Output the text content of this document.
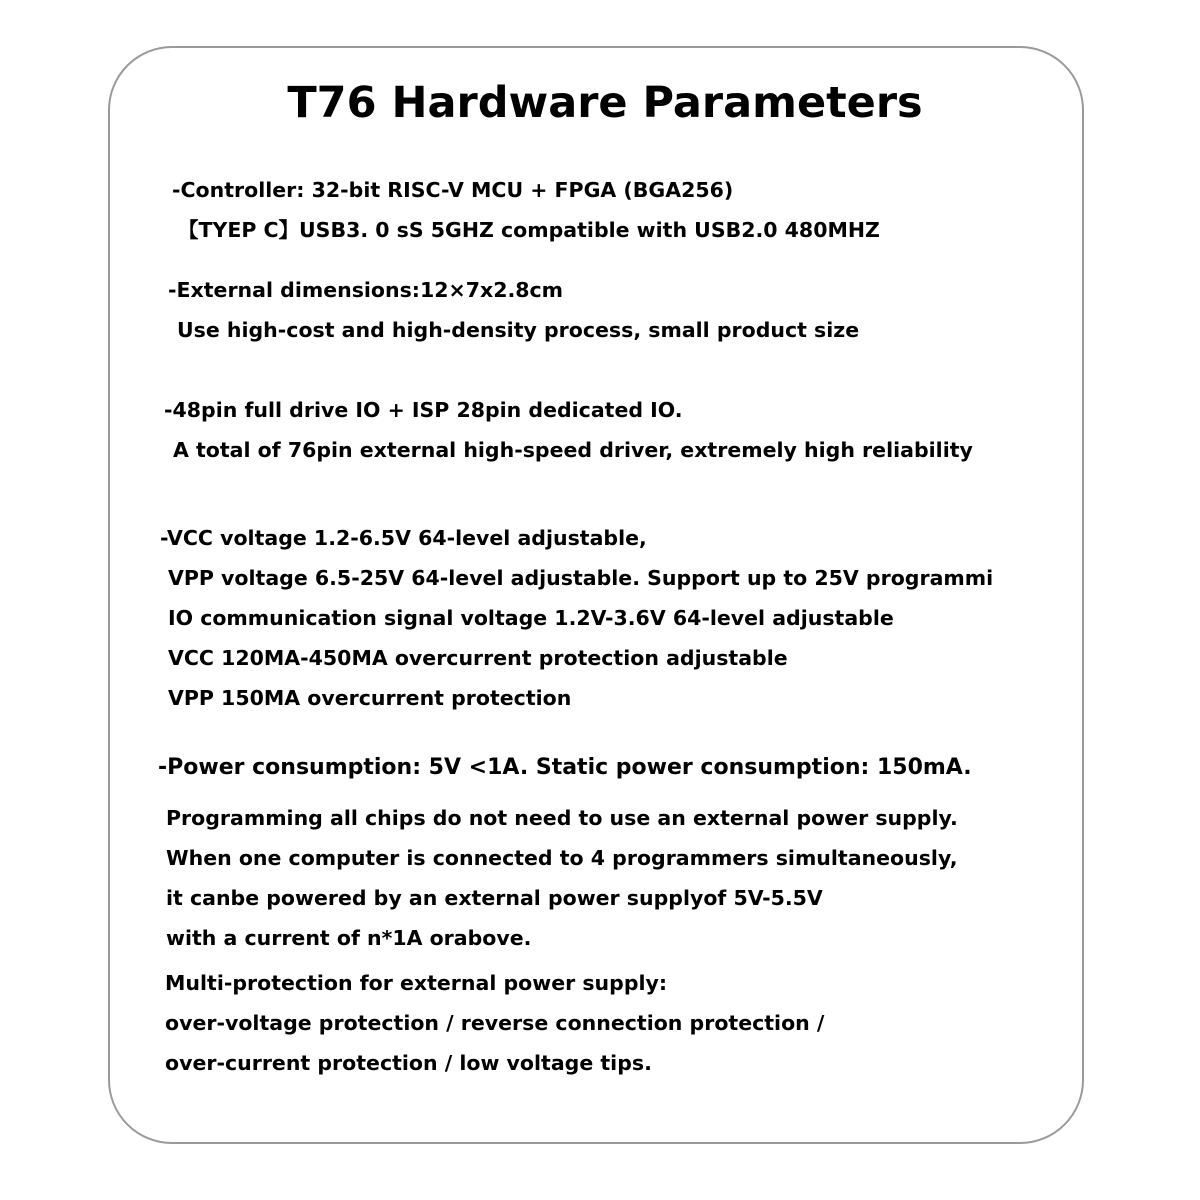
T76 Hardware Parameters
-Controller: 32-bit RISC-V MCU + FPGA (BGA256)
【TYEP C】USB3. 0 sS 5GHZ compatible with USB2.0 480MHZ
-External dimensions:12×7x2.8cm
Use high-cost and high-density process, small product size
-48pin full drive IO + ISP 28pin dedicated IO.
A total of 76pin external high-speed driver, extremely high reliability
-VCC voltage 1.2-6.5V 64-level adjustable,
VPP voltage 6.5-25V 64-level adjustable. Support up to 25V programmi
IO communication signal voltage 1.2V-3.6V 64-level adjustable
VCC 120MA-450MA overcurrent protection adjustable
VPP 150MA overcurrent protection
-Power consumption: 5V <1A. Static power consumption: 150mA.
Programming all chips do not need to use an external power supply.
When one computer is connected to 4 programmers simultaneously,
it canbe powered by an external power supplyof 5V-5.5V
with a current of n*1A orabove.
Multi-protection for external power supply:
over-voltage protection / reverse connection protection /
over-current protection / low voltage tips.
